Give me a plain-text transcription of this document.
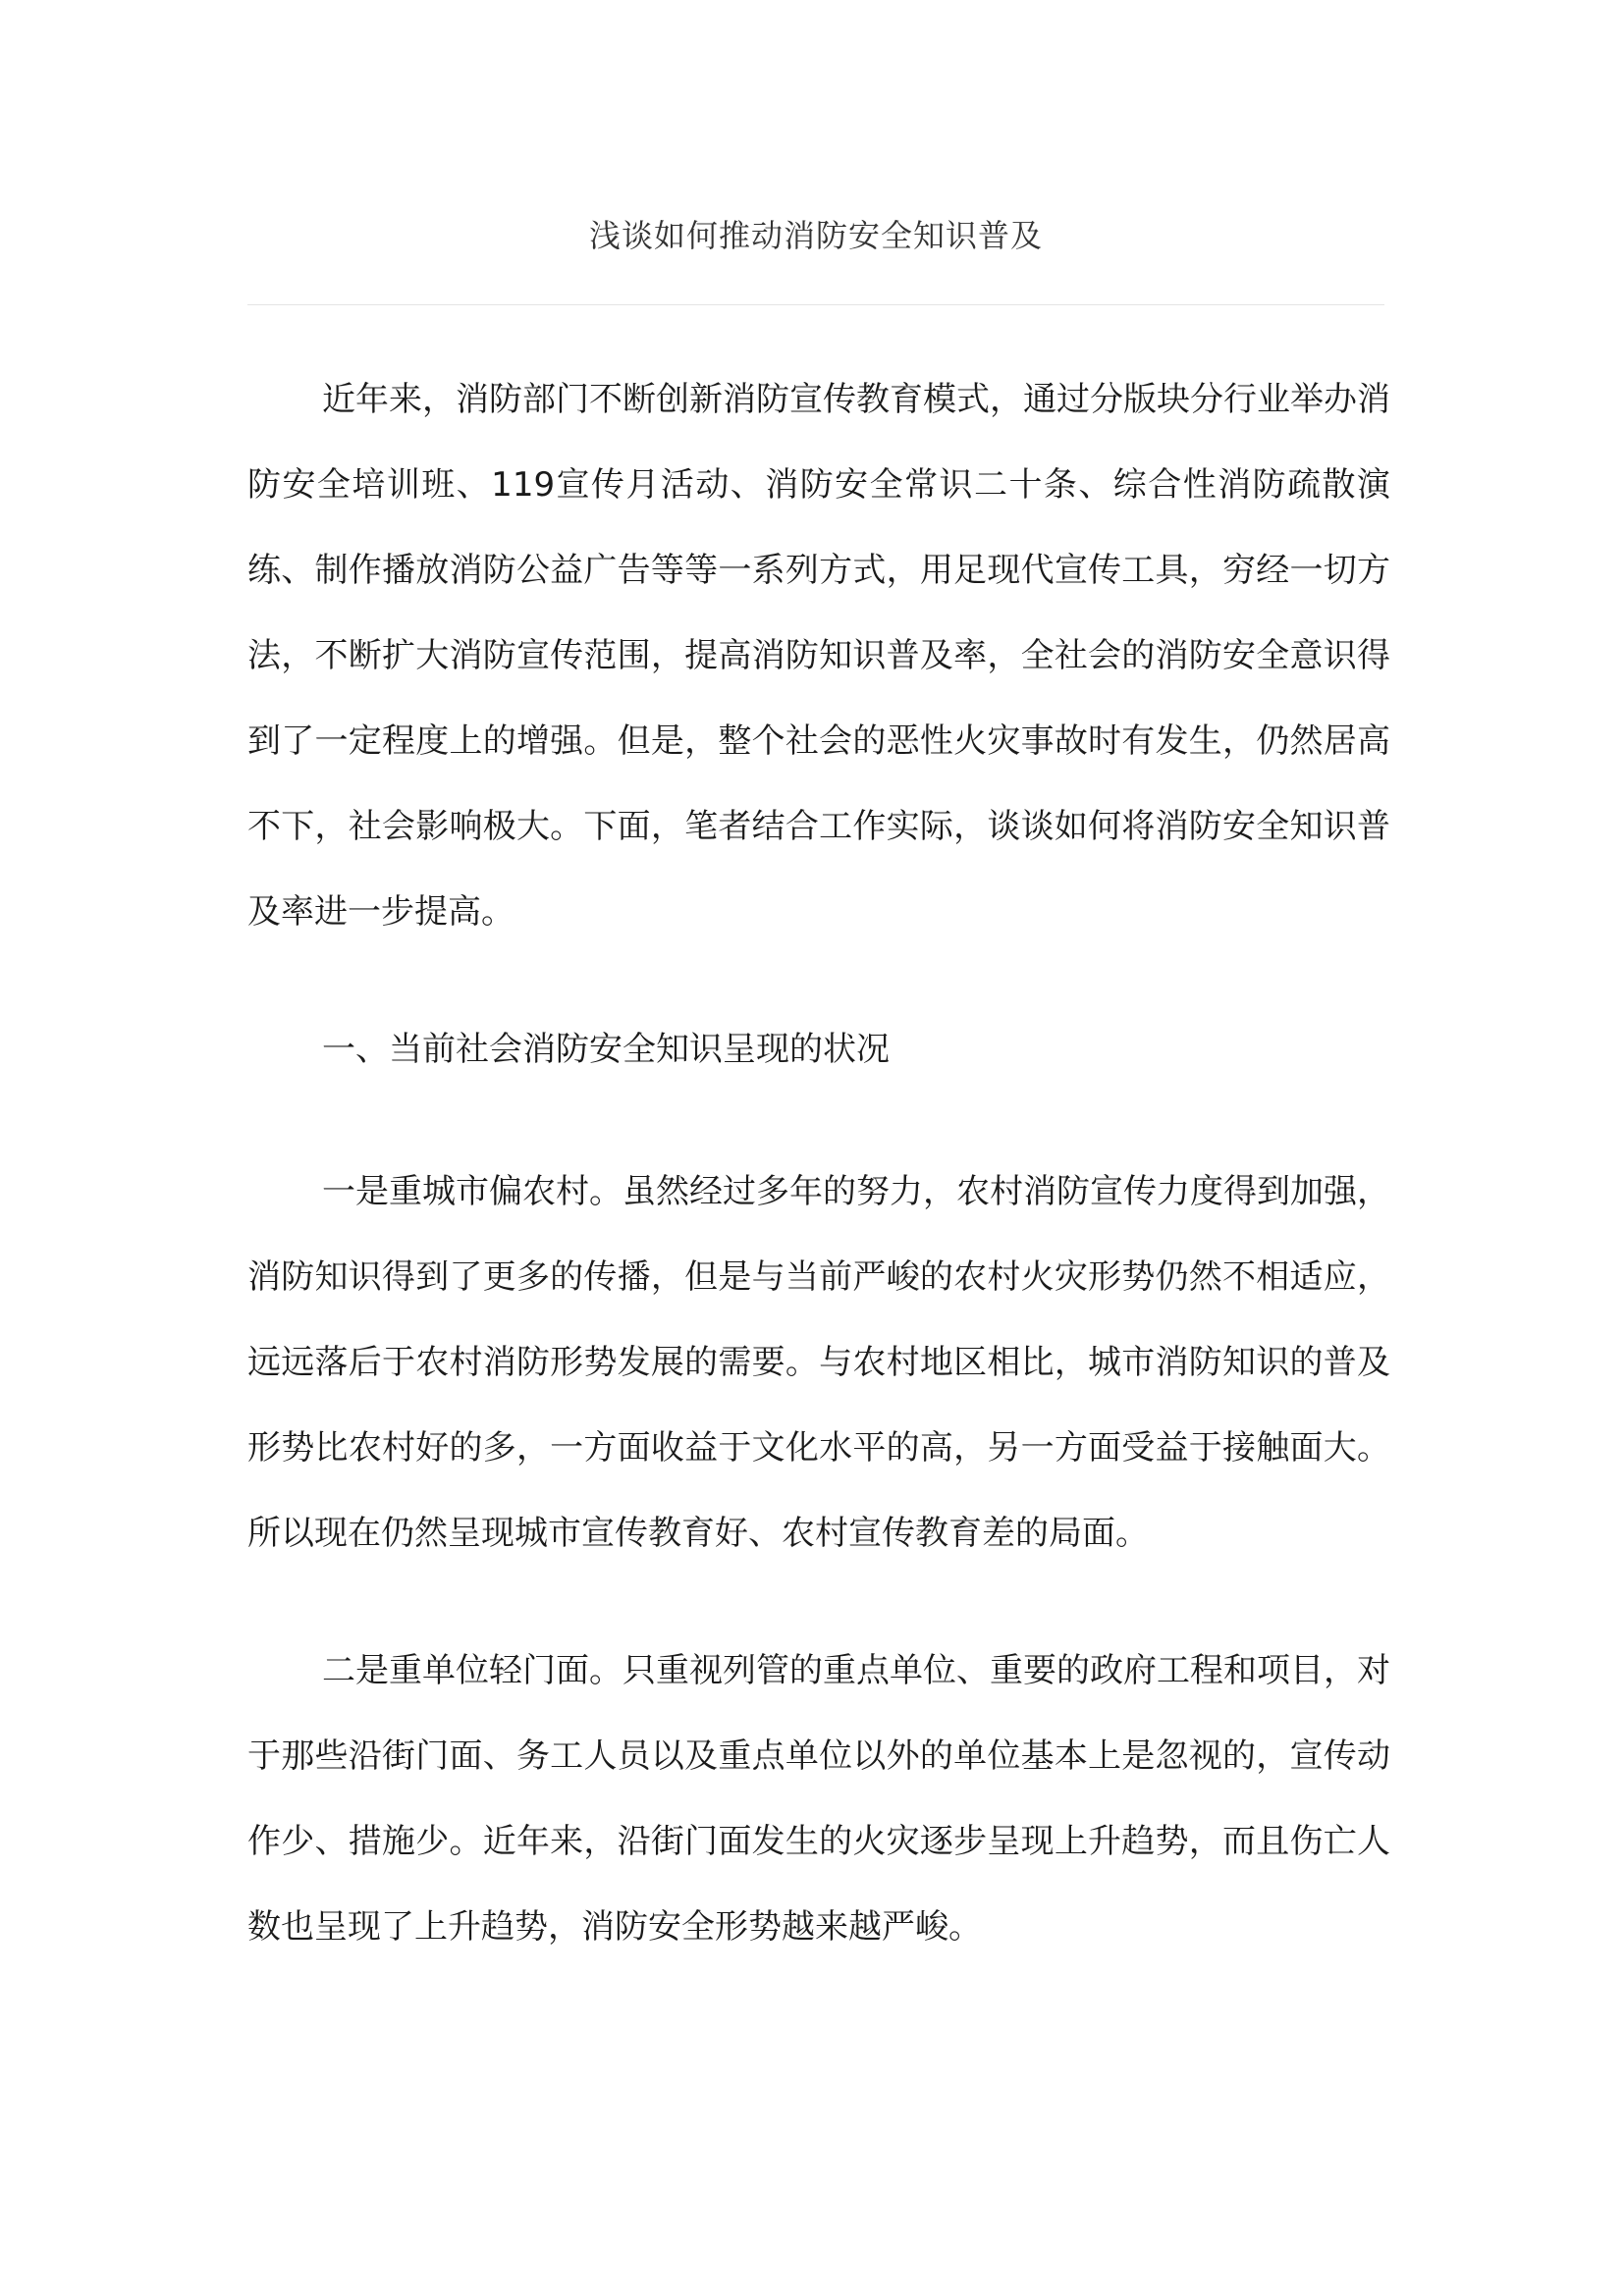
浅谈如何推动消防安全知识普及

近年来，消防部门不断创新消防宣传教育模式，通过分版块分行业举办消防安全培训班、119宣传月活动、消防安全常识二十条、综合性消防疏散演练、制作播放消防公益广告等等一系列方式，用足现代宣传工具，穷经一切方法，不断扩大消防宣传范围，提高消防知识普及率，全社会的消防安全意识得到了一定程度上的增强。但是，整个社会的恶性火灾事故时有发生，仍然居高不下，社会影响极大。下面，笔者结合工作实际，谈谈如何将消防安全知识普及率进一步提高。

一、当前社会消防安全知识呈现的状况

一是重城市偏农村。虽然经过多年的努力，农村消防宣传力度得到加强，消防知识得到了更多的传播，但是与当前严峻的农村火灾形势仍然不相适应，远远落后于农村消防形势发展的需要。与农村地区相比，城市消防知识的普及形势比农村好的多，一方面收益于文化水平的高，另一方面受益于接触面大。所以现在仍然呈现城市宣传教育好、农村宣传教育差的局面。

二是重单位轻门面。只重视列管的重点单位、重要的政府工程和项目，对于那些沿街门面、务工人员以及重点单位以外的单位基本上是忽视的，宣传动作少、措施少。近年来，沿街门面发生的火灾逐步呈现上升趋势，而且伤亡人数也呈现了上升趋势，消防安全形势越来越严峻。
